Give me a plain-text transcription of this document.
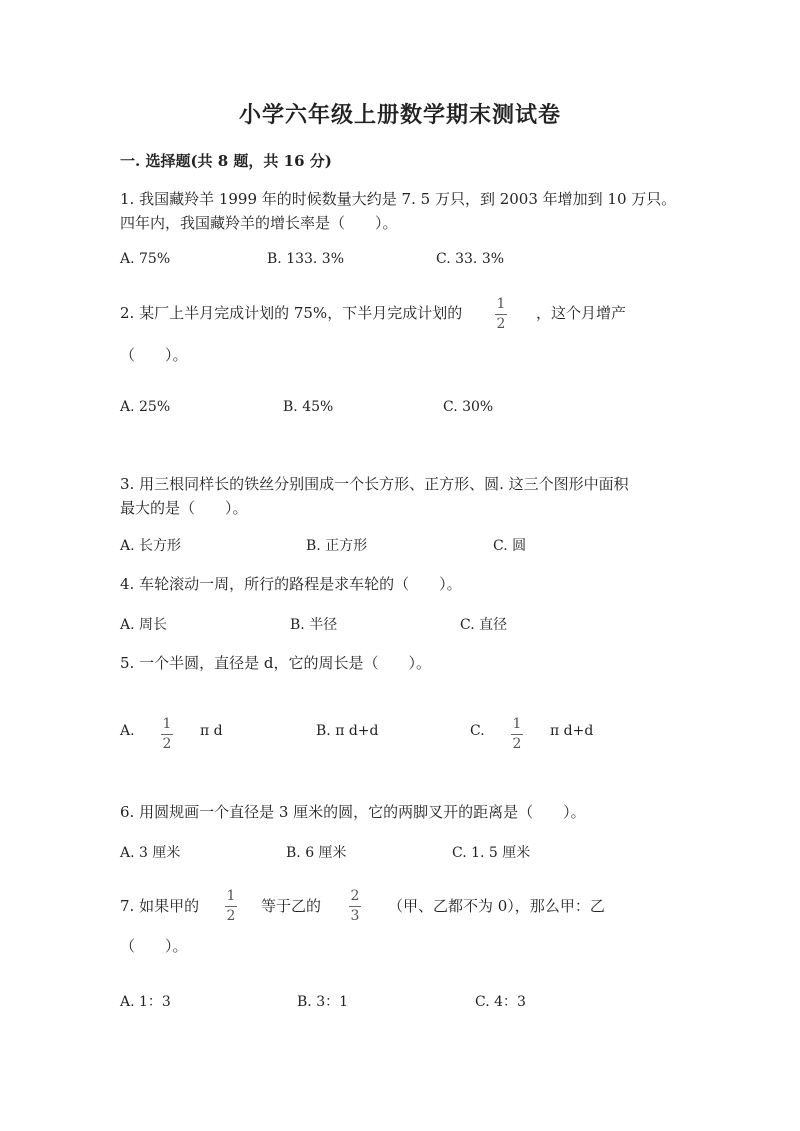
小学六年级上册数学期末测试卷
一. 选择题(共 8 题，共 16 分)
1. 我国藏羚羊 1999 年的时候数量大约是 7. 5 万只，到 2003 年增加到 10 万只。
四年内，我国藏羚羊的增长率是（　　）。
A. 75%	B. 133. 3%	C. 33. 3%
2. 某厂上半月完成计划的 75%，下半月完成计划的 1
2
，这个月增产
（　　）。
A. 25%	B. 45%	C. 30%
3. 用三根同样长的铁丝分别围成一个长方形、正方形、圆. 这三个图形中面积
最大的是（　　）。
A. 长方形	B. 正方形	C. 圆
4. 车轮滚动一周，所行的路程是求车轮的（　　）。
A. 周长	B. 半径	C. 直径
5. 一个半圆，直径是 d，它的周长是（　　）。
A. 1
2
π d	B. π d+d	C. 1
2
π d+d
6. 用圆规画一个直径是 3 厘米的圆，它的两脚叉开的距离是（　　）。
A. 3 厘米	B. 6 厘米	C. 1. 5 厘米
7. 如果甲的
1
2
等于乙的
2
3
（甲、乙都不为 0），那么甲：乙
（　　）。
A. 1：3	B. 3：1	C. 4：3
